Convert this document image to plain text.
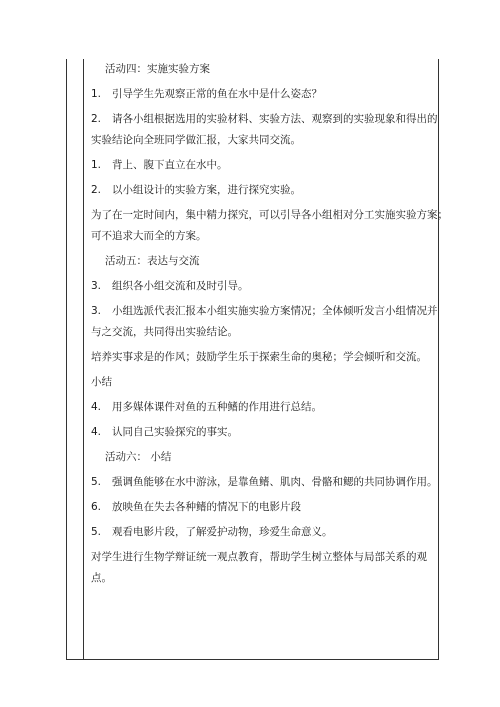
活动四：实施实验方案

1. 引导学生先观察正常的鱼在水中是什么姿态？

2. 请各小组根据选用的实验材料、实验方法、观察到的实验现象和得出的

实验结论向全班同学做汇报，大家共同交流。

1. 背上、腹下直立在水中。

2. 以小组设计的实验方案，进行探究实验。

为了在一定时间内，集中精力探究，可以引导各小组相对分工实施实验方案；

可不追求大而全的方案。

活动五：表达与交流

3. 组织各小组交流和及时引导。

3. 小组选派代表汇报本小组实施实验方案情况；全体倾听发言小组情况并

与之交流，共同得出实验结论。

培养实事求是的作风；鼓励学生乐于探索生命的奥秘；学会倾听和交流。

小结

4. 用多媒体课件对鱼的五种鳍的作用进行总结。

4. 认同自己实验探究的事实。

活动六： 小结

5. 强调鱼能够在水中游泳，是靠鱼鳍、肌肉、骨骼和鳃的共同协调作用。

6. 放映鱼在失去各种鳍的情况下的电影片段

5. 观看电影片段，了解爱护动物，珍爱生命意义。

对学生进行生物学辩证统一观点教育，帮助学生树立整体与局部关系的观

点。
